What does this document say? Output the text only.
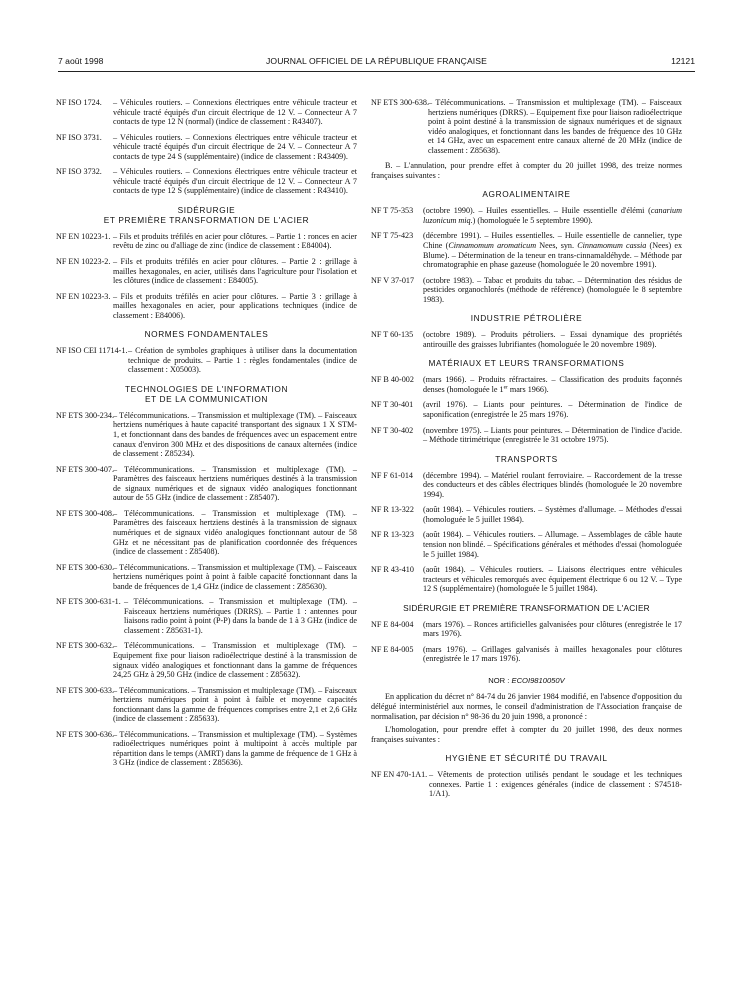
7 août 1998	JOURNAL OFFICIEL DE LA RÉPUBLIQUE FRANÇAISE	12121
NF ISO 1724. – Véhicules routiers. – Connexions électriques entre véhicule tracteur et véhicule tracté équipés d'un circuit électrique de 12 V. – Connecteur A 7 contacts de type 12 N (normal) (indice de classement : R43407).
NF ISO 3731. – Véhicules routiers. – Connexions électriques entre véhicule tracteur et véhicule tracté équipés d'un circuit électrique de 24 V. – Connecteur A 7 contacts de type 24 S (supplémentaire) (indice de classement : R43409).
NF ISO 3732. – Véhicules routiers. – Connexions électriques entre véhicule tracteur et véhicule tracté équipés d'un circuit électrique de 12 V. – Connecteur A 7 contacts de type 12 S (supplémentaire) (indice de classement : R43410).
SIDÉRURGIE
ET PREMIÈRE TRANSFORMATION DE L'ACIER
NF EN 10223-1. – Fils et produits tréfilés en acier pour clôtures. – Partie 1 : ronces en acier revêtu de zinc ou d'alliage de zinc (indice de classement : E84004).
NF EN 10223-2. – Fils et produits tréfilés en acier pour clôtures. – Partie 2 : grillage à mailles hexagonales, en acier, utilisés dans l'agriculture pour l'isolation et les clôtures (indice de classement : E84005).
NF EN 10223-3. – Fils et produits tréfilés en acier pour clôtures. – Partie 3 : grillage à mailles hexagonales en acier, pour applications techniques (indice de classement : E84006).
NORMES FONDAMENTALES
NF ISO CEI 11714-1. – Création de symboles graphiques à utiliser dans la documentation technique de produits. – Partie 1 : règles fondamentales (indice de classement : X05003).
TECHNOLOGIES DE L'INFORMATION
ET DE LA COMMUNICATION
NF ETS 300-234.
– Télécommunications. – Transmission et multiplexage (TM). – Faisceaux hertziens numériques à haute capacité transportant des signaux 1 X STM-1, et fonctionnant dans des bandes de fréquences avec un espacement entre canaux d'environ 300 MHz et des dispositions de canaux alternées (indice de classement : Z85234).
NF ETS 300-407.
– Télécommunications. – Transmission et multiplexage (TM). – Paramètres des faisceaux hertziens numériques destinés à la transmission de signaux numériques et de signaux vidéo analogiques fonctionnant autour de 55 GHz (indice de classement : Z85407).
NF ETS 300-408.
– Télécommunications. – Transmission et multiplexage (TM). – Paramètres des faisceaux hertziens destinés à la transmission de signaux numériques et de signaux vidéo analogiques fonctionnant autour de 58 GHz et ne nécessitant pas de planification coordonnée des fréquences (indice de classement : Z85408).
NF ETS 300-630.
– Télécommunications. – Transmission et multiplexage (TM). – Faisceaux hertziens numériques point à point à faible capacité fonctionnant dans la bande de fréquences de 1,4 GHz (indice de classement : Z85630).
NF ETS 300-631-1. – Télécommunications. – Transmission et multiplexage (TM). – Faisceaux hertziens numériques (DRRS). – Partie 1 : antennes pour liaisons radio point à point (P-P) dans la bande de 1 à 3 GHz (indice de classement : Z85631-1).
NF ETS 300-632.
– Télécommunications. – Transmission et multiplexage (TM). – Equipement fixe pour liaison radioélectrique destiné à la transmission de signaux vidéo analogiques et fonctionnant dans la gamme de fréquences 24,25 GHz à 29,50 GHz (indice de classement : Z85632).
NF ETS 300-633.
– Télécommunications. – Transmission et multiplexage (TM). – Faisceaux hertziens numériques point à point à faible et moyenne capacités fonctionnant dans la gamme de fréquences comprises entre 2,1 et 2,6 GHz (indice de classement : Z85633).
NF ETS 300-636.
– Télécommunications. – Transmission et multiplexage (TM). – Systèmes radioélectriques numériques point à multipoint à accès multiple par répartition dans le temps (AMRT) dans la gamme de fréquence de 1 GHz à 3 GHz (indice de classement : Z85636).
NF ETS 300-638.
– Télécommunications. – Transmission et multiplexage (TM). – Faisceaux hertziens numériques (DRRS). – Equipement fixe pour liaison radioélectrique point à point destiné à la transmission de signaux numériques et de signaux vidéo analogiques, et fonctionnant dans les bandes de fréquence des 10 GHz et 14 GHz, avec un espacement entre canaux alterné de 20 MHz (indice de classement : Z85638).

B. – L'annulation, pour prendre effet à compter du 20 juillet 1998, des treize normes françaises suivantes :

AGROALIMENTAIRE
NF T 75-353 (octobre 1990). – Huiles essentielles. – Huile essentielle d'élémi (canarium luzonicum miq.) (homologuée le 5 septembre 1990).
NF T 75-423 (décembre 1991). – Huiles essentielles. – Huile essentielle de cannelier, type Chine (Cinnamomum aromaticum Nees, syn. Cinnamomum cassia (Nees) ex Blume). – Détermination de la teneur en trans-cinnamaldéhyde. – Méthode par chromatographie en phase gazeuse (homologuée le 20 novembre 1991).
NF V 37-017 (octobre 1983). – Tabac et produits du tabac. – Détermination des résidus de pesticides organochlorés (méthode de référence) (homologuée le 8 septembre 1983).
INDUSTRIE PÉTROLIÈRE
NF T 60-135 (octobre 1989). – Produits pétroliers. – Essai dynamique des propriétés antirouille des graisses lubrifiantes (homologuée le 20 novembre 1989).
MATÉRIAUX ET LEURS TRANSFORMATIONS
NF B 40-002 (mars 1966). – Produits réfractaires. – Classification des produits façonnés denses (homologuée le 1er mars 1966).
NF T 30-401 (avril 1976). – Liants pour peintures. – Détermination de l'indice de saponification (enregistrée le 25 mars 1976).
NF T 30-402 (novembre 1975). – Liants pour peintures. – Détermination de l'indice d'acide. – Méthode titrimétrique (enregistrée le 31 octobre 1975).
TRANSPORTS
NF F 61-014 (décembre 1994). – Matériel roulant ferroviaire. – Raccordement de la tresse des conducteurs et des câbles électriques blindés (homologuée le 20 novembre 1994).
NF R 13-322 (août 1984). – Véhicules routiers. – Systèmes d'allumage. – Méthodes d'essai (homologuée le 5 juillet 1984).
NF R 13-323 (août 1984). – Véhicules routiers. – Allumage. – Assemblages de câble haute tension non blindé. – Spécifications générales et méthodes d'essai (homologuée le 5 juillet 1984).
NF R 43-410 (août 1984). – Véhicules routiers. – Liaisons électriques entre véhicules tracteurs et véhicules remorqués avec équipement électrique 6 ou 12 V. – Type 12 S (supplémentaire) (homologuée le 5 juillet 1984).
SIDÉRURGIE ET PREMIÈRE TRANSFORMATION DE L'ACIER
NF E 84-004 (mars 1976). – Ronces artificielles galvanisées pour clôtures (enregistrée le 17 mars 1976).
NF E 84-005 (mars 1976). – Grillages galvanisés à mailles hexagonales pour clôtures (enregistrée le 17 mars 1976).
NOR : ECOI9810050V

En application du décret n° 84-74 du 26 janvier 1984 modifié, en l'absence d'opposition du délégué interministériel aux normes, le conseil d'administration de l'Association française de normalisation, par décision n° 98-36 du 20 juin 1998, a prononcé :

L'homologation, pour prendre effet à compter du 20 juillet 1998, des deux normes françaises suivantes :

HYGIÈNE ET SÉCURITÉ DU TRAVAIL
NF EN 470-1A1. – Vêtements de protection utilisés pendant le soudage et les techniques connexes. Partie 1 : exigences générales (indice de classement : S74518-1/A1).
